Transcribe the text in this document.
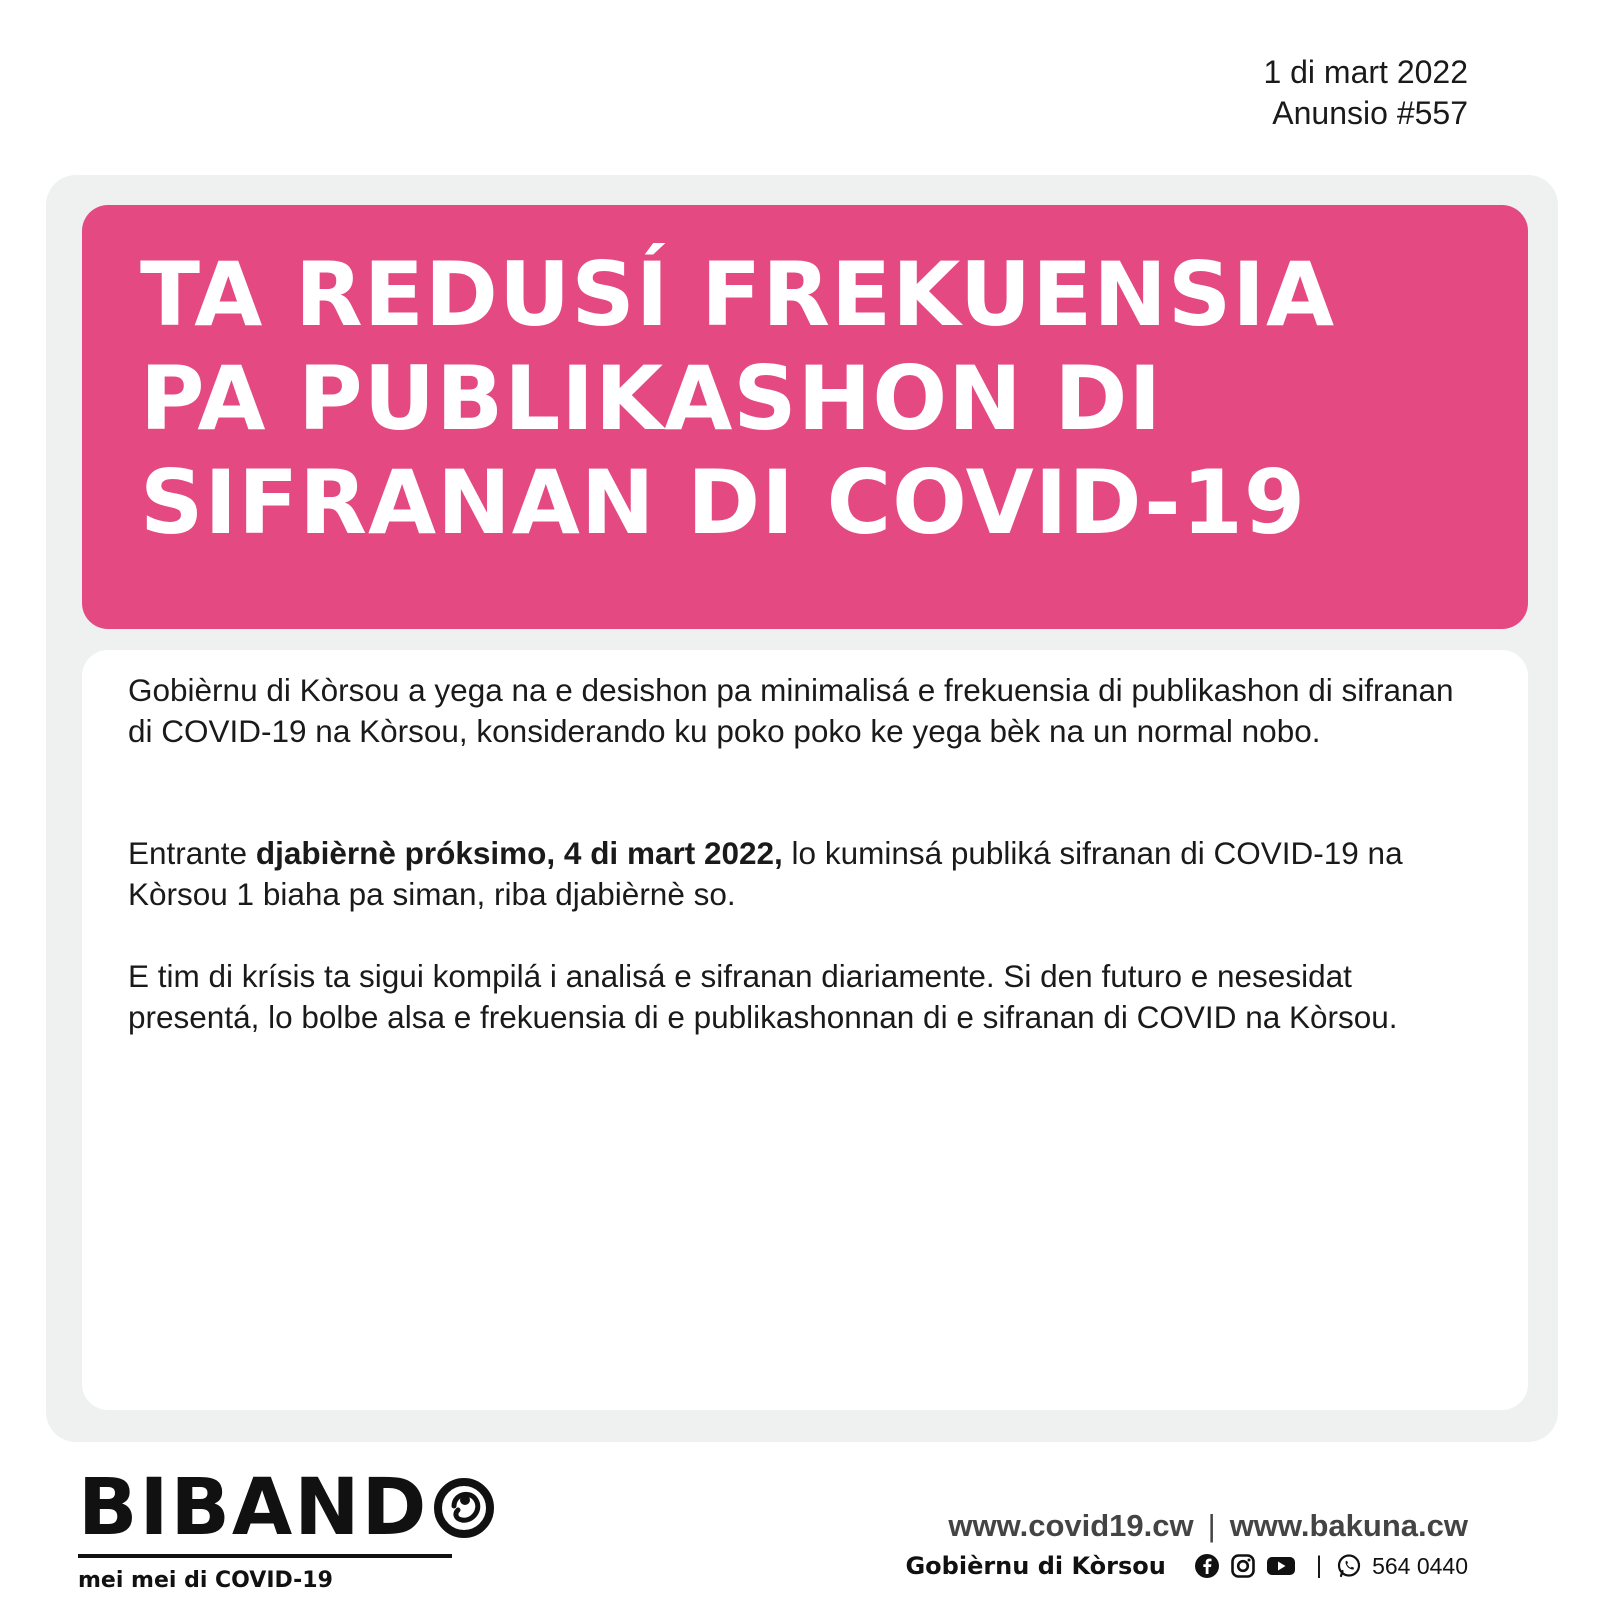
1 di mart 2022
Anunsio #557
TA REDUSÍ FREKUENSIA
PA PUBLIKASHON DI
SIFRANAN DI COVID-19

Gobièrnu di Kòrsou a yega na e desishon pa minimalisá e frekuensia di publikashon di sifranan di COVID-19 na Kòrsou, konsiderando ku poko poko ke yega bèk na un normal nobo.

Entrante djabièrnè próksimo, 4 di mart 2022, lo kuminsá publiká sifranan di COVID-19 na Kòrsou 1 biaha pa siman, riba djabièrnè so.

E tim di krísis ta sigui kompilá i analisá e sifranan diariamente. Si den futuro e nesesidat presentá, lo bolbe alsa e frekuensia di e publikashonnan di e sifranan di COVID na Kòrsou.

BIBAND
mei mei di COVID-19
www.covid19.cw | www.bakuna.cw
Gobièrnu di Kòrsou	| 564 0440
